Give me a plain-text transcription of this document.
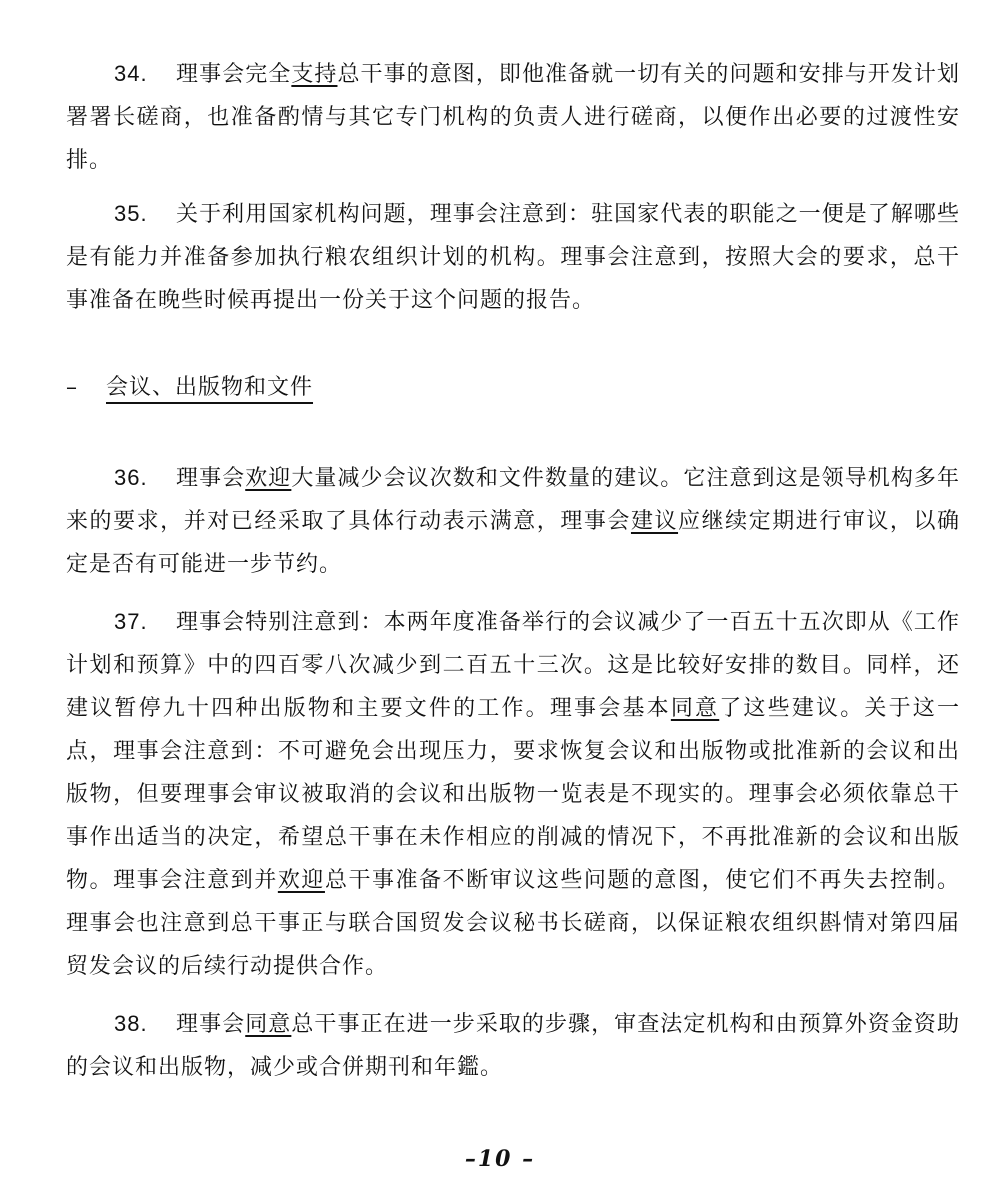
34. 理事会完全支持总干事的意图，即他准备就一切有关的问题和安排与开发计划署署长磋商，也准备酌情与其它专门机构的负责人进行磋商，以便作出必要的过渡性安排。

35. 关于利用国家机构问题，理事会注意到：驻国家代表的职能之一便是了解哪些是有能力并准备参加执行粮农组织计划的机构。理事会注意到，按照大会的要求，总干事准备在晚些时候再提出一份关于这个问题的报告。

– 会议、出版物和文件

36. 理事会欢迎大量减少会议次数和文件数量的建议。它注意到这是领导机构多年来的要求，并对已经采取了具体行动表示满意，理事会建议应继续定期进行审议，以确定是否有可能进一步节约。

37. 理事会特别注意到：本两年度准备举行的会议减少了一百五十五次即从《工作计划和预算》中的四百零八次减少到二百五十三次。这是比较好安排的数目。同样，还建议暂停九十四种出版物和主要文件的工作。理事会基本同意了这些建议。关于这一点，理事会注意到：不可避免会出现压力，要求恢复会议和出版物或批准新的会议和出版物，但要理事会审议被取消的会议和出版物一览表是不现实的。理事会必须依靠总干事作出适当的决定，希望总干事在未作相应的削减的情况下，不再批准新的会议和出版物。理事会注意到并欢迎总干事准备不断审议这些问题的意图，使它们不再失去控制。理事会也注意到总干事正与联合国贸发会议秘书长磋商，以保证粮农组织斟情对第四届贸发会议的后续行动提供合作。

38. 理事会同意总干事正在进一步采取的步骤，审查法定机构和由预算外资金资助的会议和出版物，减少或合併期刊和年鑑。

–10 –
